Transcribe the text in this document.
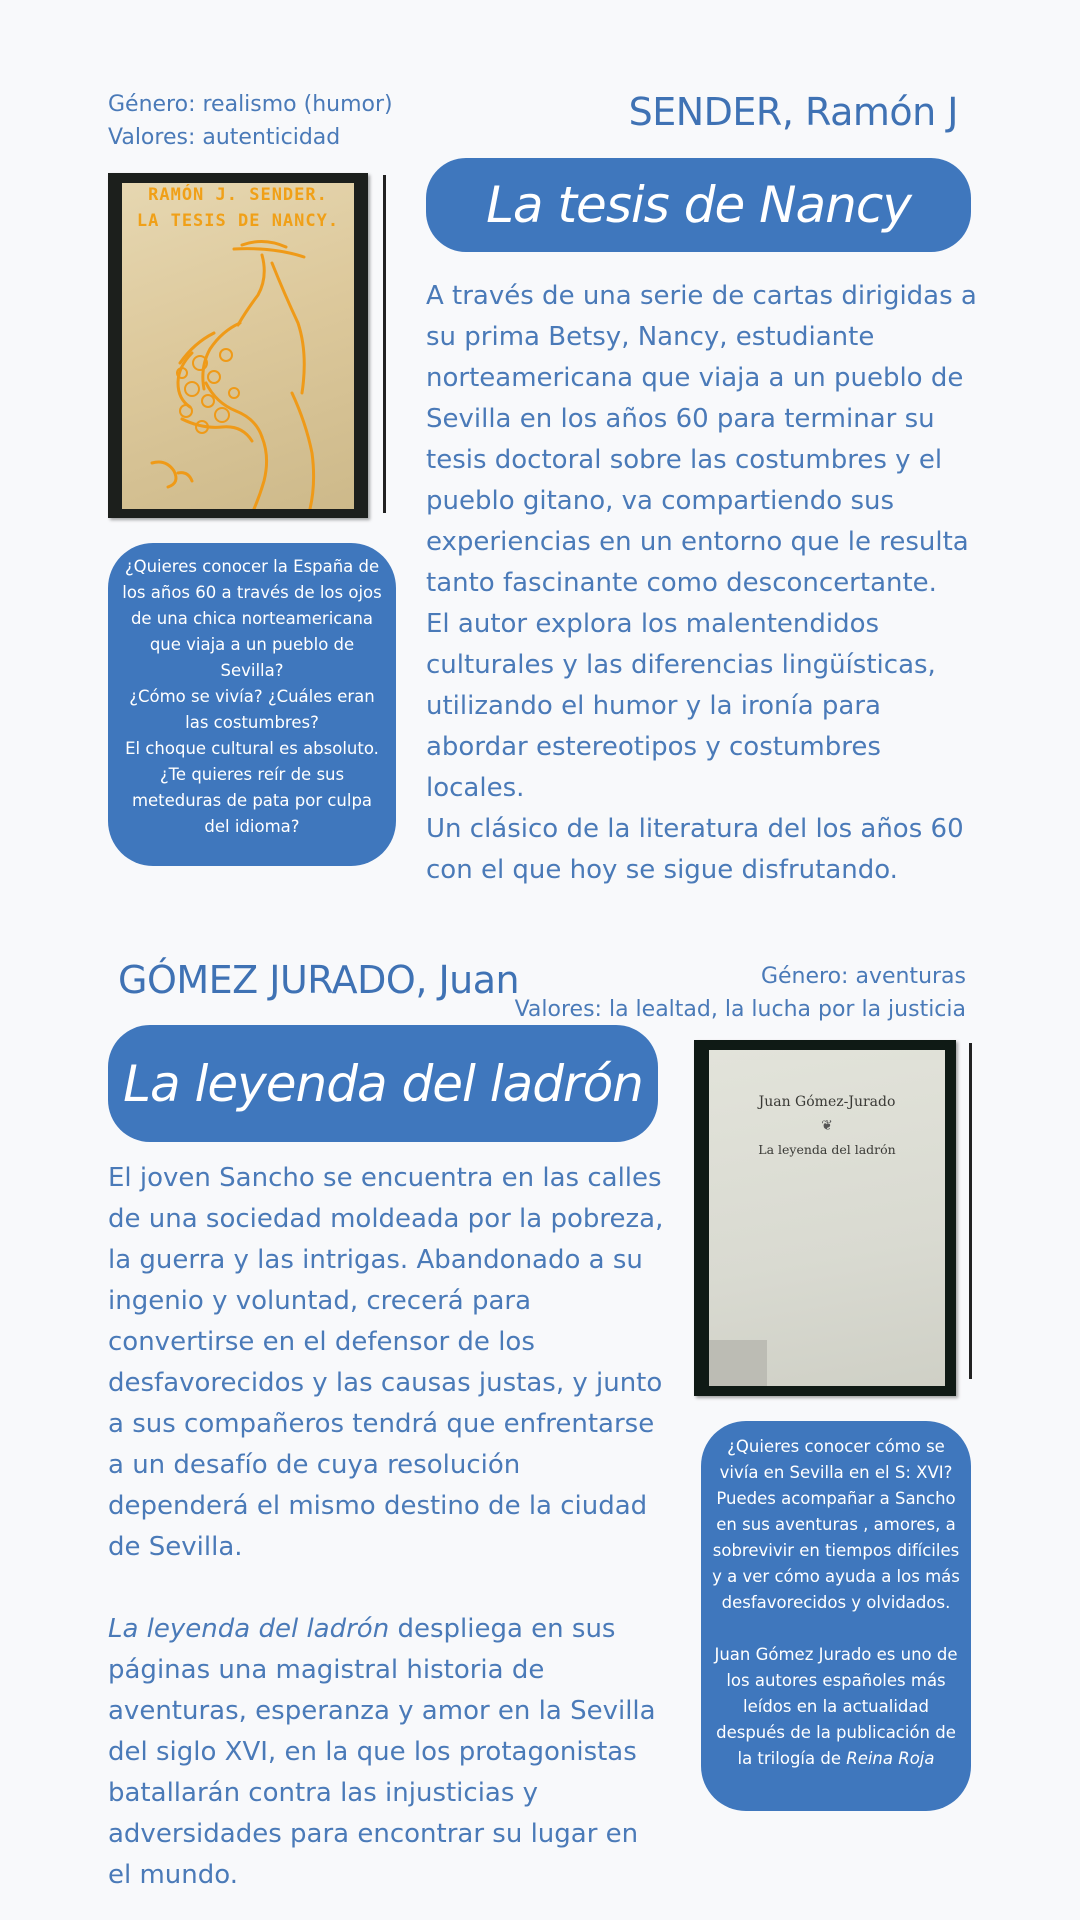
Género: realismo (humor)
Valores: autenticidad
SENDER, Ramón J
La tesis de Nancy
RAMÓN J. SENDER.
LA TESIS DE NANCY.

A través de una serie de cartas dirigidas a su prima Betsy, Nancy, estudiante norteamericana que viaja a un pueblo de Sevilla en los años 60 para terminar su tesis doctoral sobre las costumbres y el pueblo gitano, va compartiendo sus experiencias en un entorno que le resulta tanto fascinante como desconcertante.

El autor explora los malentendidos culturales y las diferencias lingüísticas, utilizando el humor y la ironía para abordar estereotipos y costumbres locales.

Un clásico de la literatura del los años 60 con el que hoy se sigue disfrutando.

¿Quieres conocer la España de los años 60 a través de los ojos de una chica norteamericana que viaja a un pueblo de Sevilla?

¿Cómo se vivía? ¿Cuáles eran las costumbres?

El choque cultural es absoluto. ¿Te quieres reír de sus meteduras de pata por culpa del idioma?

GÓMEZ JURADO, Juan	Género: aventuras
Valores: la lealtad, la lucha por la justicia
La leyenda del ladrón	Juan Gómez-Jurado
❦
La leyenda del ladrón

El joven Sancho se encuentra en las calles de una sociedad moldeada por la pobreza, la guerra y las intrigas. Abandonado a su ingenio y voluntad, crecerá para convertirse en el defensor de los desfavorecidos y las causas justas, y junto a sus compañeros tendrá que enfrentarse a un desafío de cuya resolución dependerá el mismo destino de la ciudad de Sevilla.

La leyenda del ladrón despliega en sus páginas una magistral historia de aventuras, esperanza y amor en la Sevilla del siglo XVI, en la que los protagonistas batallarán contra las injusticias y adversidades para encontrar su lugar en el mundo.

¿Quieres conocer cómo se vivía en Sevilla en el S: XVI? Puedes acompañar a Sancho en sus aventuras , amores, a sobrevivir en tiempos difíciles y a ver cómo ayuda a los más desfavorecidos y olvidados.

Juan Gómez Jurado es uno de los autores españoles más leídos en la actualidad después de la publicación de la trilogía de Reina Roja
